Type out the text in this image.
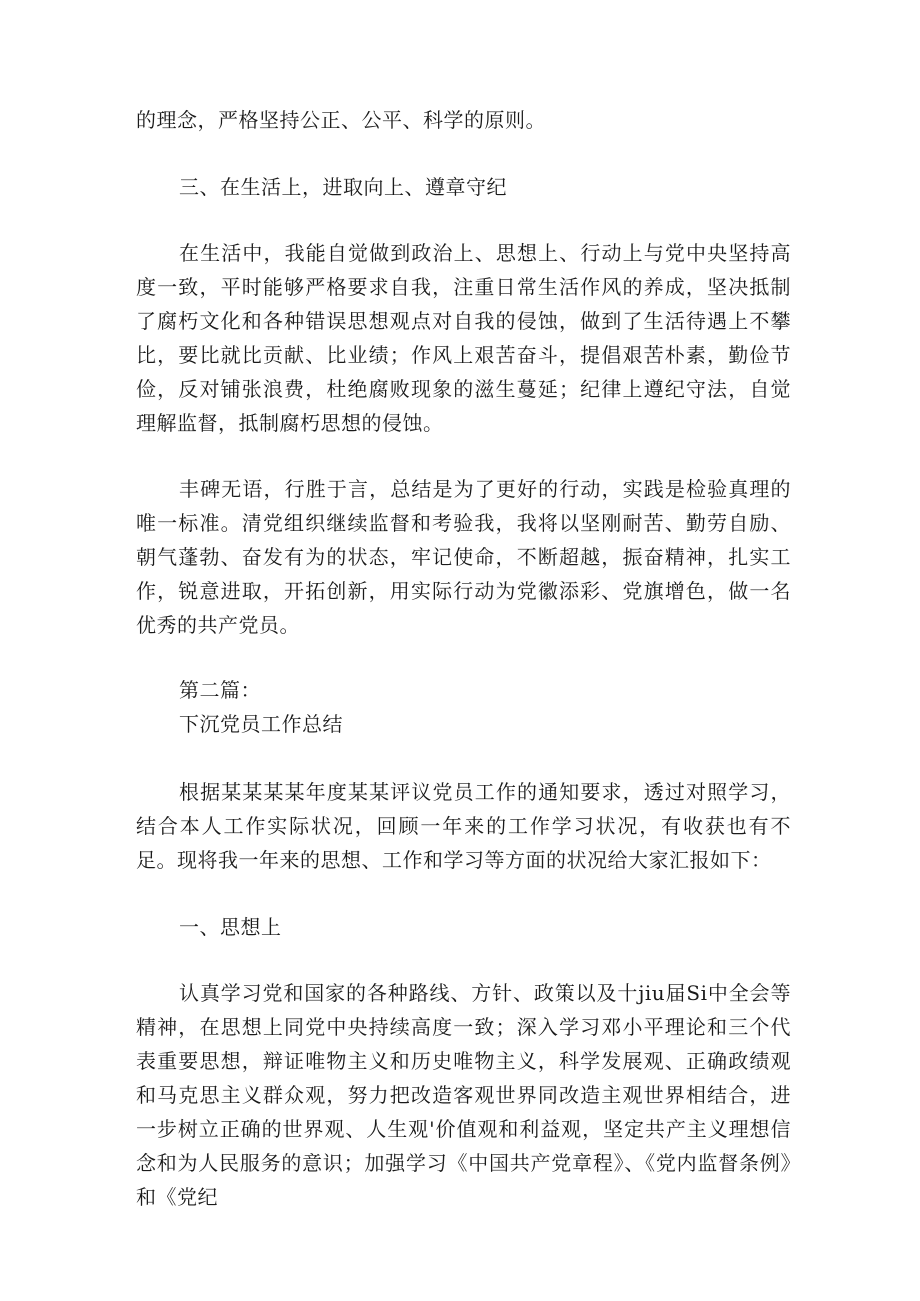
的理念，严格坚持公正、公平、科学的原则。

三、在生活上，进取向上、遵章守纪

在生活中，我能自觉做到政治上、思想上、行动上与党中央坚持高度一致，平时能够严格要求自我，注重日常生活作风的养成，坚决抵制了腐朽文化和各种错误思想观点对自我的侵蚀，做到了生活待遇上不攀比，要比就比贡献、比业绩；作风上艰苦奋斗，提倡艰苦朴素，勤俭节俭，反对铺张浪费，杜绝腐败现象的滋生蔓延；纪律上遵纪守法，自觉理解监督，抵制腐朽思想的侵蚀。

丰碑无语，行胜于言，总结是为了更好的行动，实践是检验真理的唯一标准。清党组织继续监督和考验我，我将以坚刚耐苦、勤劳自励、朝气蓬勃、奋发有为的状态，牢记使命，不断超越，振奋精神，扎实工作，锐意进取，开拓创新，用实际行动为党徽添彩、党旗增色，做一名优秀的共产党员。

第二篇：

下沉党员工作总结

根据某某某某年度某某评议党员工作的通知要求，透过对照学习，结合本人工作实际状况，回顾一年来的工作学习状况，有收获也有不足。现将我一年来的思想、工作和学习等方面的状况给大家汇报如下：

一、思想上

认真学习党和国家的各种路线、方针、政策以及十jiu届Si中全会等精神，在思想上同党中央持续高度一致；深入学习邓小平理论和三个代表重要思想，辩证唯物主义和历史唯物主义，科学发展观、正确政绩观和马克思主义群众观，努力把改造客观世界同改造主观世界相结合，进一步树立正确的世界观、人生观'价值观和利益观，坚定共产主义理想信念和为人民服务的意识；加强学习《中国共产党章程》、《党内监督条例》和《党纪
